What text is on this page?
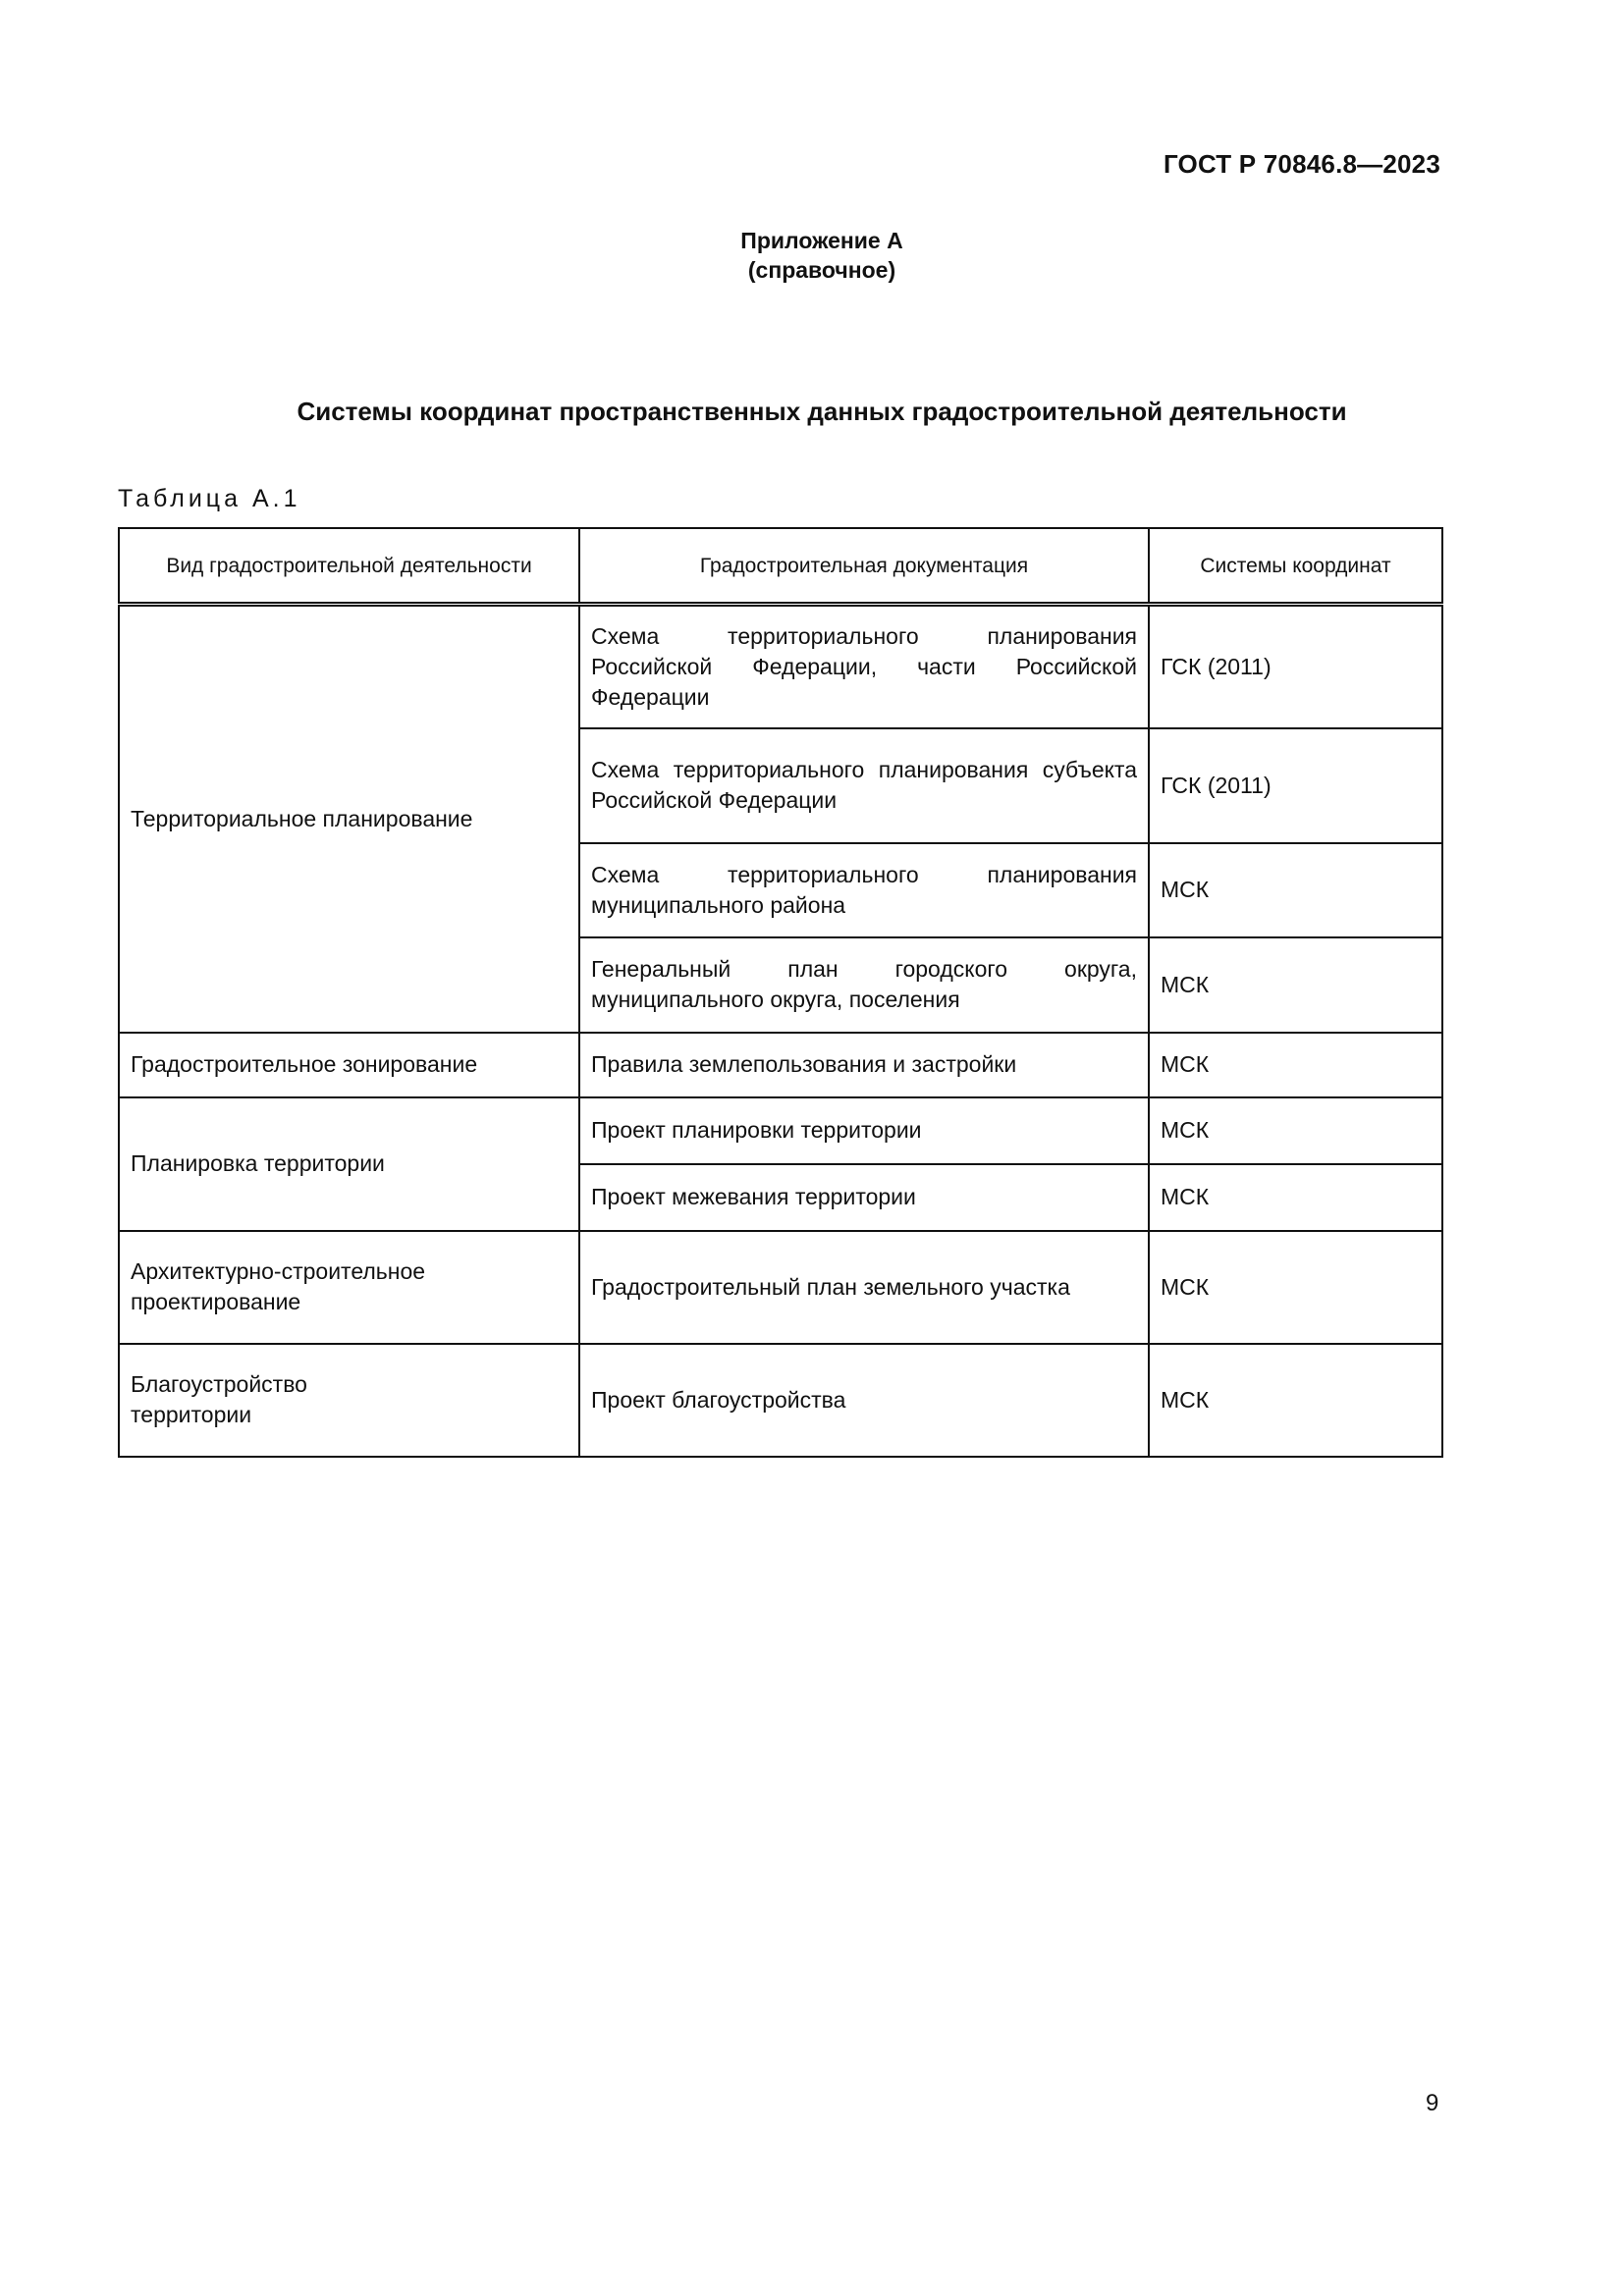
ГОСТ Р 70846.8—2023
Приложение А
(справочное)
Системы координат пространственных данных градостроительной деятельности
Таблица А.1
Вид градостроительной деятельности	Градостроительная документация	Системы координат
Территориальное планирование	Схема территориального планирования Российской Федерации, части Российской Федерации	ГСК (2011)
	Схема территориального планирования субъекта Российской Федерации	ГСК (2011)
	Схема территориального планирования муниципального района	МСК
	Генеральный план городского округа, муниципального округа, поселения	МСК
Градостроительное зонирование	Правила землепользования и застройки	МСК
Планировка территории	Проект планировки территории	МСК
	Проект межевания территории	МСК
Архитектурно-строительное проектирование	Градостроительный план земельного участка	МСК
Благоустройство территории	Проект благоустройства	МСК
9
